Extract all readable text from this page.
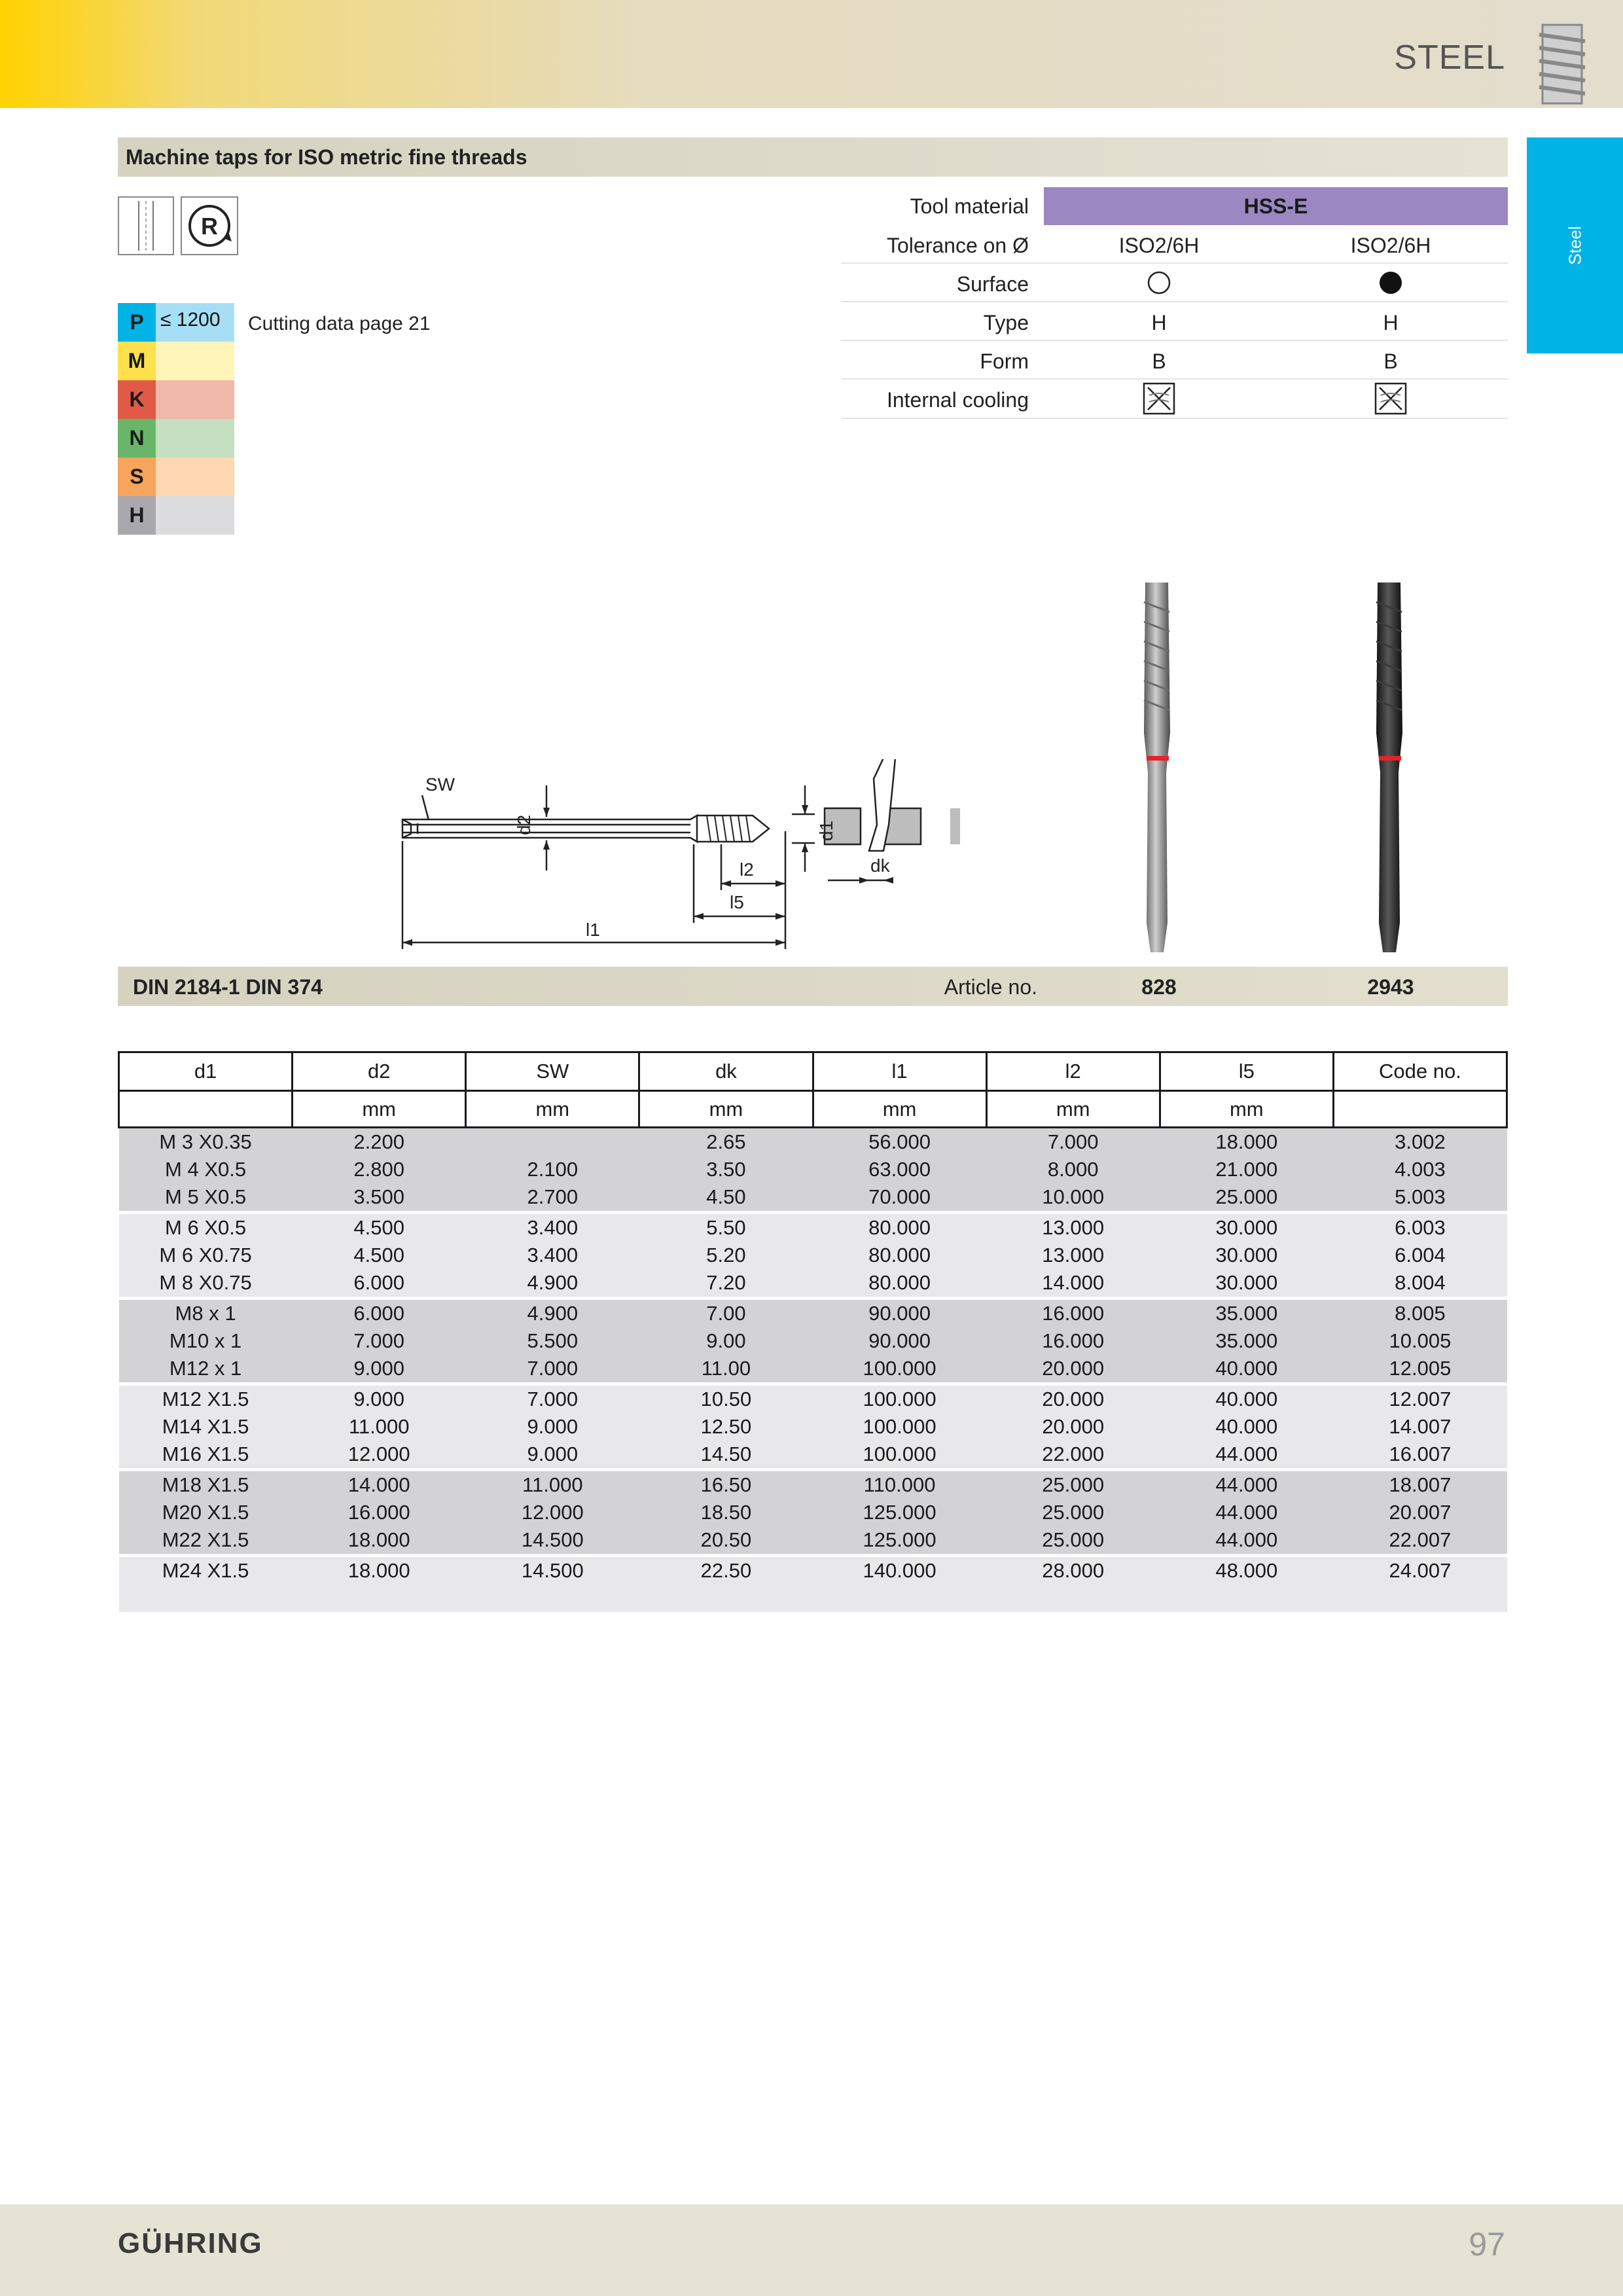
STEEL
Steel
Machine taps for ISO metric fine threads
R
P ≤ 1200 Cutting data page 21
M
K
N
S
H
Tool material	HSS-E
Tolerance on Ø	ISO2/6H	ISO2/6H
Surface
Type	H	H
Form	B	B
Internal cooling
SW
d2	d1
l2
l5
l1
dk
DIN 2184-1 DIN 374	Article no.	828	2943
d1	d2	SW	dk	l1	l2	l5	Code no.
	mm	mm	mm	mm	mm	mm	
M 3 X0.35	2.200		2.65	56.000	7.000	18.000	3.002
M 4 X0.5	2.800	2.100	3.50	63.000	8.000	21.000	4.003
M 5 X0.5	3.500	2.700	4.50	70.000	10.000	25.000	5.003
M 6 X0.5	4.500	3.400	5.50	80.000	13.000	30.000	6.003
M 6 X0.75	4.500	3.400	5.20	80.000	13.000	30.000	6.004
M 8 X0.75	6.000	4.900	7.20	80.000	14.000	30.000	8.004
M8 x 1	6.000	4.900	7.00	90.000	16.000	35.000	8.005
M10 x 1	7.000	5.500	9.00	90.000	16.000	35.000	10.005
M12 x 1	9.000	7.000	11.00	100.000	20.000	40.000	12.005
M12 X1.5	9.000	7.000	10.50	100.000	20.000	40.000	12.007
M14 X1.5	11.000	9.000	12.50	100.000	20.000	40.000	14.007
M16 X1.5	12.000	9.000	14.50	100.000	22.000	44.000	16.007
M18 X1.5	14.000	11.000	16.50	110.000	25.000	44.000	18.007
M20 X1.5	16.000	12.000	18.50	125.000	25.000	44.000	20.007
M22 X1.5	18.000	14.500	20.50	125.000	25.000	44.000	22.007
M24 X1.5	18.000	14.500	22.50	140.000	28.000	48.000	24.007

GÜHRING	97
